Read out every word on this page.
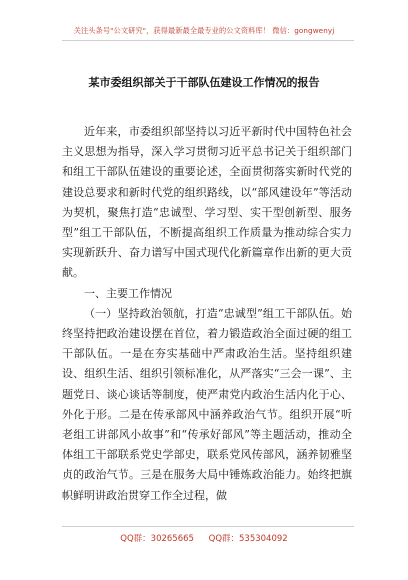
关注头条号"公文研究"，获得最新最全最专业的公文资料库！ 微信：gongwenyj
某市委组织部关于干部队伍建设工作情况的报告

近年来，市委组织部坚持以习近平新时代中国特色社会主义思想为指导，深入学习贯彻习近平总书记关于组织部门和组工干部队伍建设的重要论述，全面贯彻落实新时代党的建设总要求和新时代党的组织路线，以“部风建设年”等活动为契机，聚焦打造“忠诚型、学习型、实干型创新型、服务型”组工干部队伍，不断提高组织工作质量为推动综合实力实现新跃升、奋力谱写中国式现代化新篇章作出新的更大贡献。

一、主要工作情况

（一）坚持政治领航，打造“忠诚型”组工干部队伍。始终坚持把政治建设摆在首位，着力锻造政治全面过硬的组工干部队伍。一是在夯实基础中严肃政治生活。坚持组织建设、组织生活、组织引领标准化，从严落实“三会一课”、主题党日、谈心谈话等制度，使严肃党内政治生活内化于心、外化于形。二是在传承部风中涵养政治气节。组织开展“听老组工讲部风小故事”和“传承好部风”等主题活动，推动全体组工干部联系党史学部史，联系党风传部风，涵养韧雅坚贞的政治气节。三是在服务大局中锤炼政治能力。始终把旗帜鲜明讲政治贯穿工作全过程，做

QQ群：30265665 QQ群：535304092
